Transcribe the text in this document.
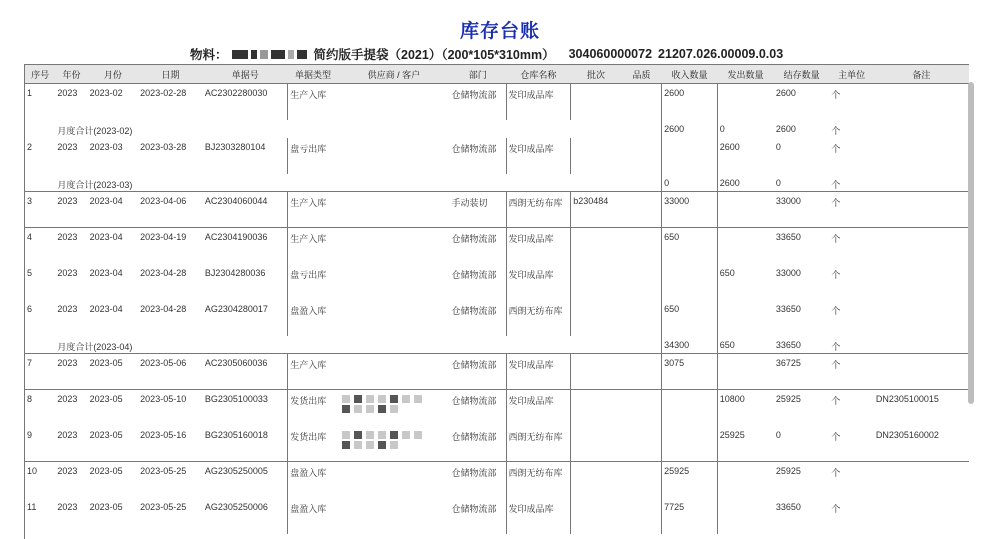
库存台账
物料：	简约版手提袋（2021）（200*105*310mm） 304060000072 21207.026.00009.0.03
序号	年份	月份	日期	单据号	单据类型	供应商 / 客户	部门	仓库名称	批次	品质	收入数量	发出数量	结存数量	主单位	备注
1	2023	2023-02	2023-02-28	AC2302280030	生产入库		仓储物流部	发印成品库			2600		2600	个	
	月度合计(2023-02)										2600	0	2600	个	
2	2023	2023-03	2023-03-28	BJ2303280104	盘亏出库		仓储物流部	发印成品库				2600	0	个	
	月度合计(2023-03)										0	2600	0	个	
3	2023	2023-04	2023-04-06	AC2304060044	生产入库		手动装切	西朗无纺布库	b230484		33000		33000	个	
4	2023	2023-04	2023-04-19	AC2304190036	生产入库		仓储物流部	发印成品库			650		33650	个	
5	2023	2023-04	2023-04-28	BJ2304280036	盘亏出库		仓储物流部	发印成品库				650	33000	个	
6	2023	2023-04	2023-04-28	AG2304280017	盘盈入库		仓储物流部	西朗无纺布库			650		33650	个	
	月度合计(2023-04)										34300	650	33650	个	
7	2023	2023-05	2023-05-06	AC2305060036	生产入库		仓储物流部	发印成品库			3075		36725	个	
8	2023	2023-05	2023-05-10	BG2305100033	发货出库		仓储物流部	发印成品库				10800	25925	个	DN2305100015
9	2023	2023-05	2023-05-16	BG2305160018	发货出库		仓储物流部	西朗无纺布库				25925	0	个	DN2305160002
10	2023	2023-05	2023-05-25	AG2305250005	盘盈入库		仓储物流部	西朗无纺布库			25925		25925	个	
11	2023	2023-05	2023-05-25	AG2305250006	盘盈入库		仓储物流部	发印成品库			7725		33650	个	
